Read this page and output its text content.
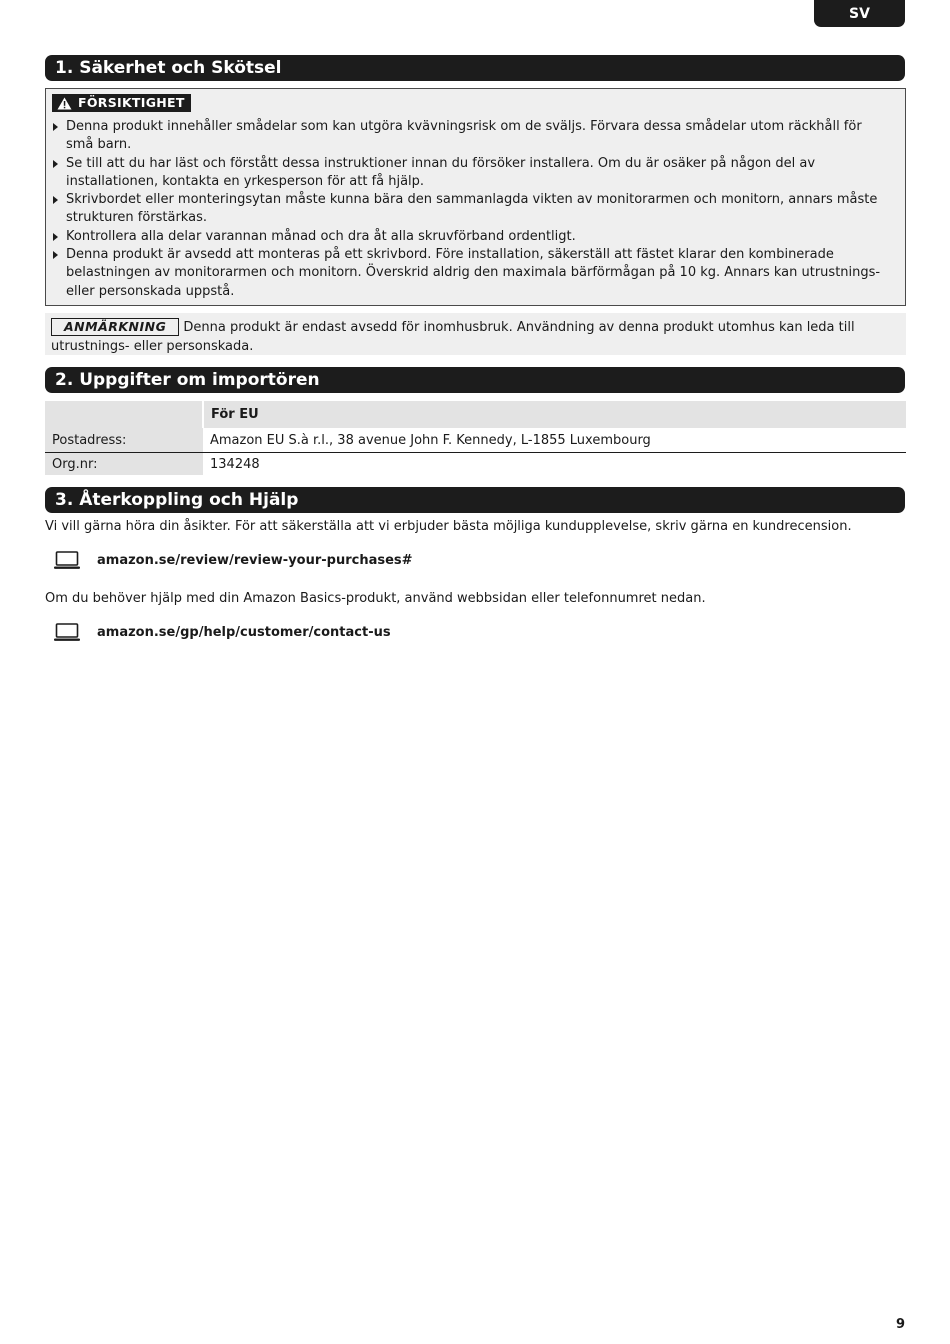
SV
1. Säkerhet och Skötsel
FÖRSIKTIGHET
Denna produkt innehåller smådelar som kan utgöra kvävningsrisk om de sväljs. Förvara dessa smådelar utom räckhåll för små barn.
Se till att du har läst och förstått dessa instruktioner innan du försöker installera. Om du är osäker på någon del av installationen, kontakta en yrkesperson för att få hjälp.
Skrivbordet eller monteringsytan måste kunna bära den sammanlagda vikten av monitorarmen och monitorn, annars måste strukturen förstärkas.
Kontrollera alla delar varannan månad och dra åt alla skruvförband ordentligt.
Denna produkt är avsedd att monteras på ett skrivbord. Före installation, säkerställ att fästet klarar den kombinerade belastningen av monitorarmen och monitorn. Överskrid aldrig den maximala bärförmågan på 10 kg. Annars kan utrustnings- eller personskada uppstå.
ANMÄRKNING Denna produkt är endast avsedd för inomhusbruk. Användning av denna produkt utomhus kan leda till utrustnings- eller personskada.
2. Uppgifter om importören
	För EU
Postadress:	Amazon EU S.à r.l., 38 avenue John F. Kennedy, L-1855 Luxembourg
Org.nr:	134248
3. Återkoppling och Hjälp
Vi vill gärna höra din åsikter. För att säkerställa att vi erbjuder bästa möjliga kundupplevelse, skriv gärna en kundrecension.
amazon.se/review/review-your-purchases#
Om du behöver hjälp med din Amazon Basics-produkt, använd webbsidan eller telefonnumret nedan.
amazon.se/gp/help/customer/contact-us
9
